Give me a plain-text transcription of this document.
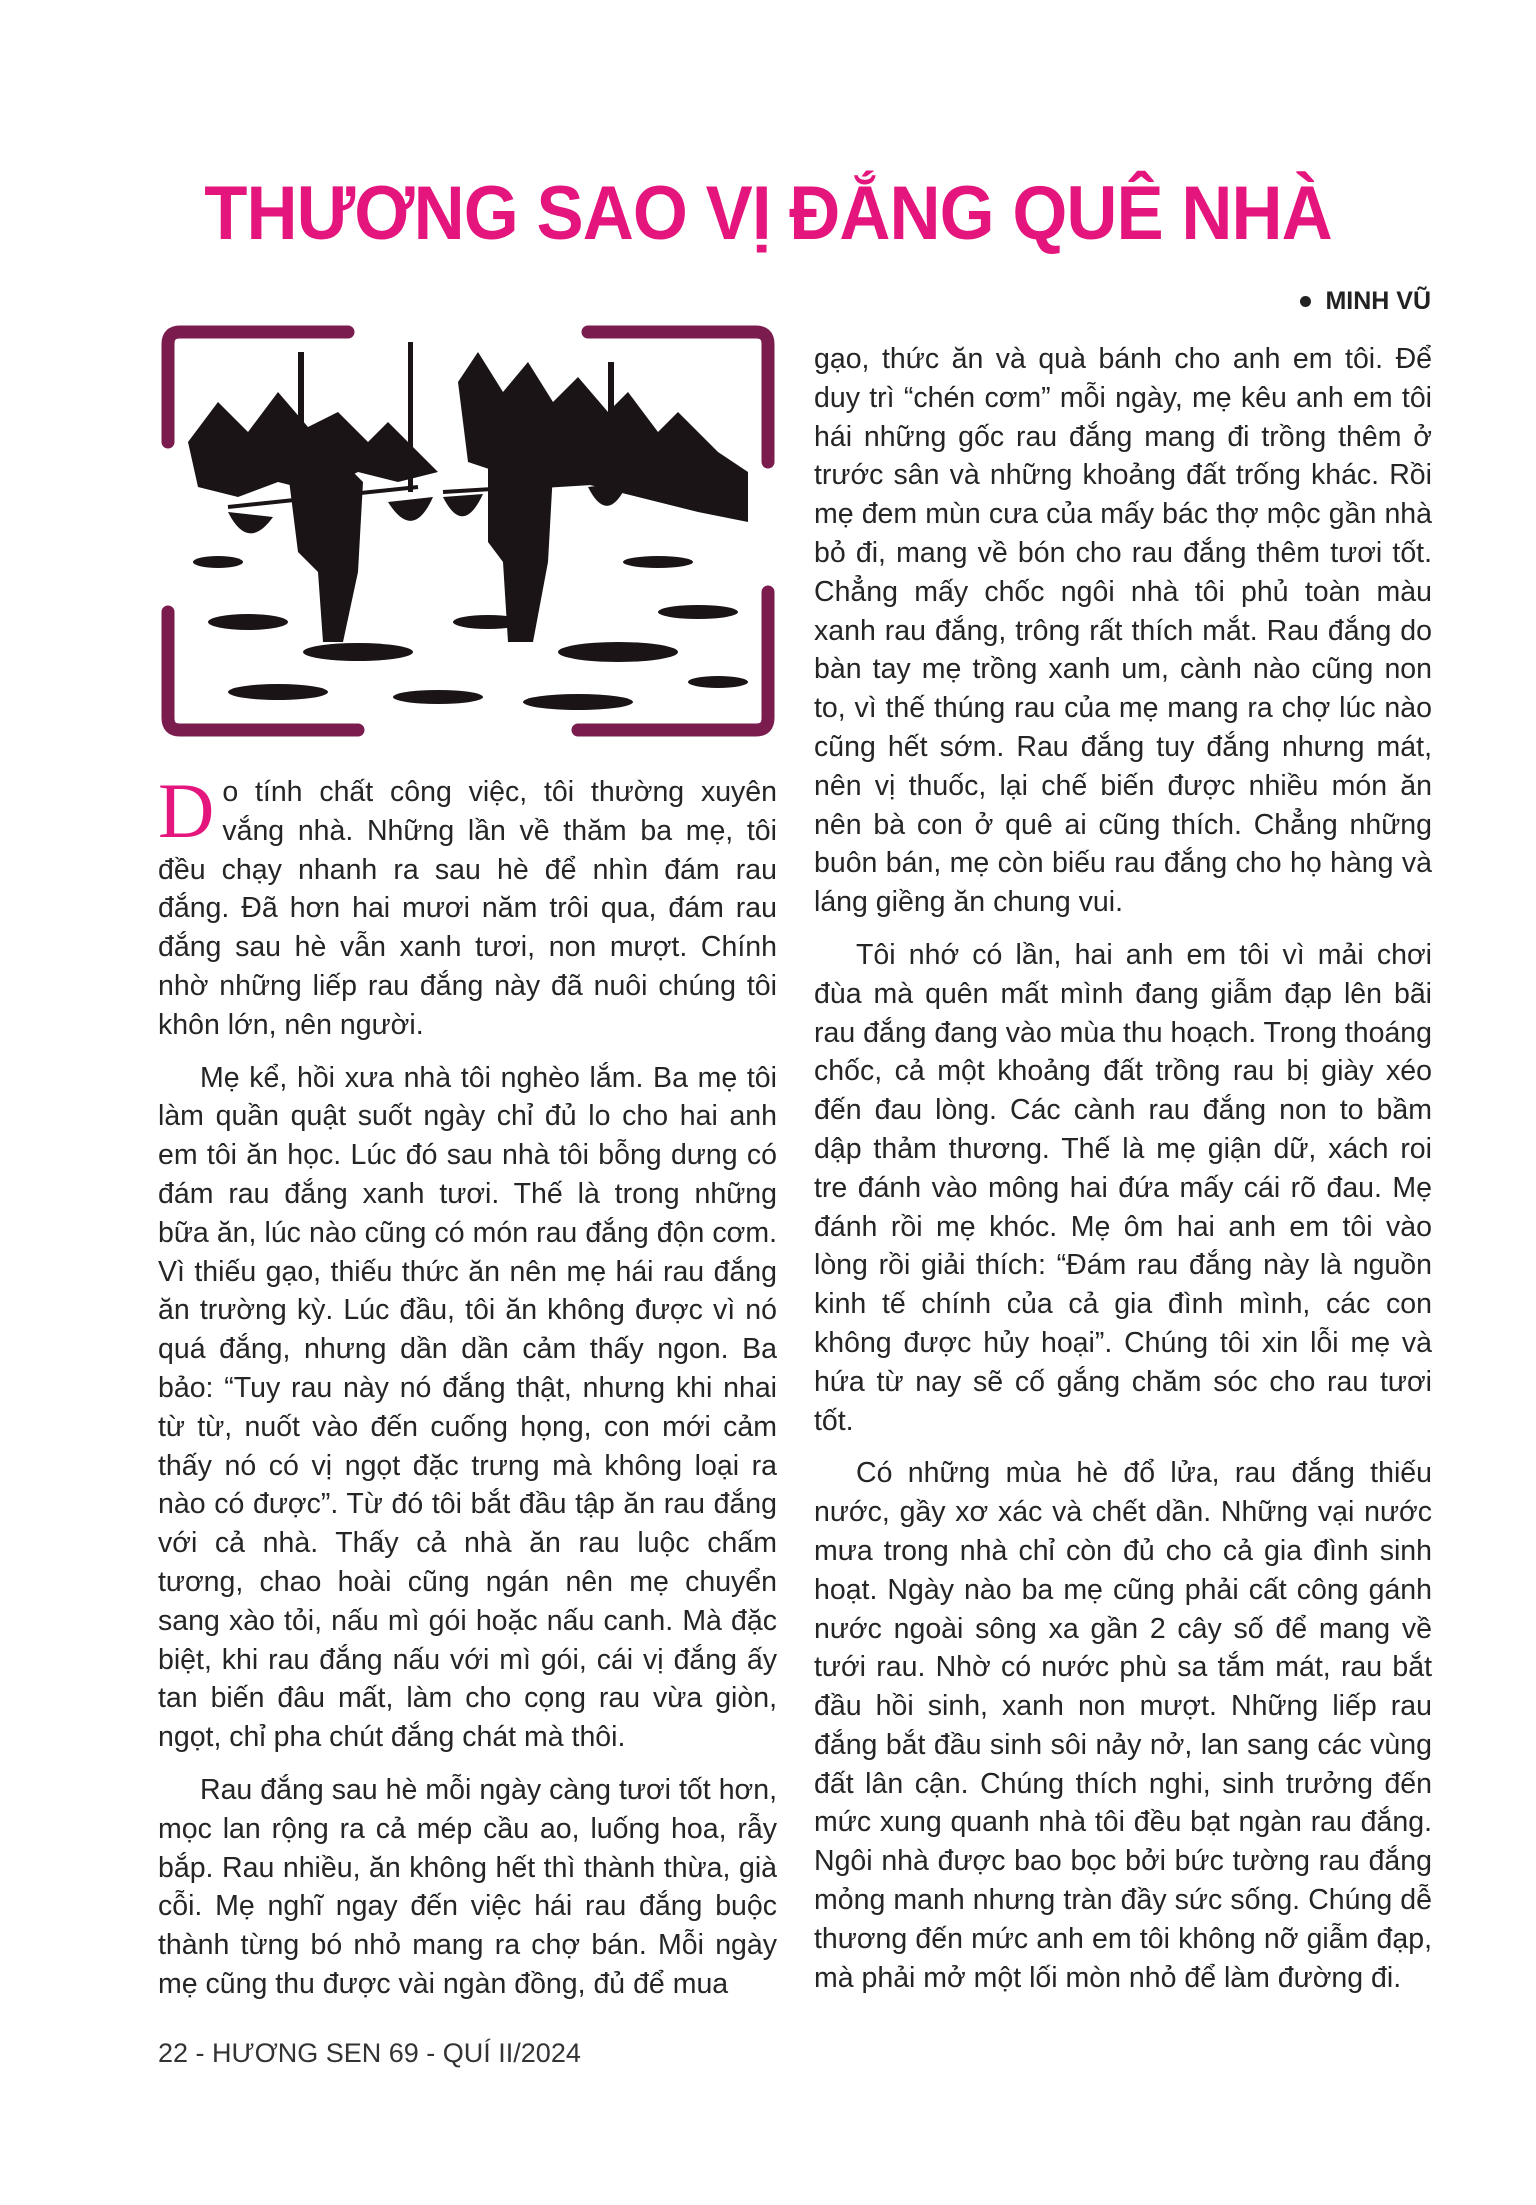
THƯƠNG SAO VỊ ĐẮNG QUÊ NHÀ
MINH VŨ

Do tính chất công việc, tôi thường xuyên vắng nhà. Những lần về thăm ba mẹ, tôi đều chạy nhanh ra sau hè để nhìn đám rau đắng. Đã hơn hai mươi năm trôi qua, đám rau đắng sau hè vẫn xanh tươi, non mượt. Chính nhờ những liếp rau đắng này đã nuôi chúng tôi khôn lớn, nên người.

Mẹ kể, hồi xưa nhà tôi nghèo lắm. Ba mẹ tôi làm quần quật suốt ngày chỉ đủ lo cho hai anh em tôi ăn học. Lúc đó sau nhà tôi bỗng dưng có đám rau đắng xanh tươi. Thế là trong những bữa ăn, lúc nào cũng có món rau đắng độn cơm. Vì thiếu gạo, thiếu thức ăn nên mẹ hái rau đắng ăn trường kỳ. Lúc đầu, tôi ăn không được vì nó quá đắng, nhưng dần dần cảm thấy ngon. Ba bảo: “Tuy rau này nó đắng thật, nhưng khi nhai từ từ, nuốt vào đến cuống họng, con mới cảm thấy nó có vị ngọt đặc trưng mà không loại ra nào có được”. Từ đó tôi bắt đầu tập ăn rau đắng với cả nhà. Thấy cả nhà ăn rau luộc chấm tương, chao hoài cũng ngán nên mẹ chuyển sang xào tỏi, nấu mì gói hoặc nấu canh. Mà đặc biệt, khi rau đắng nấu với mì gói, cái vị đắng ấy tan biến đâu mất, làm cho cọng rau vừa giòn, ngọt, chỉ pha chút đắng chát mà thôi.

Rau đắng sau hè mỗi ngày càng tươi tốt hơn, mọc lan rộng ra cả mép cầu ao, luống hoa, rẫy bắp. Rau nhiều, ăn không hết thì thành thừa, già cỗi. Mẹ nghĩ ngay đến việc hái rau đắng buộc thành từng bó nhỏ mang ra chợ bán. Mỗi ngày mẹ cũng thu được vài ngàn đồng, đủ để mua

gạo, thức ăn và quà bánh cho anh em tôi. Để duy trì “chén cơm” mỗi ngày, mẹ kêu anh em tôi hái những gốc rau đắng mang đi trồng thêm ở trước sân và những khoảng đất trống khác. Rồi mẹ đem mùn cưa của mấy bác thợ mộc gần nhà bỏ đi, mang về bón cho rau đắng thêm tươi tốt. Chẳng mấy chốc ngôi nhà tôi phủ toàn màu xanh rau đắng, trông rất thích mắt. Rau đắng do bàn tay mẹ trồng xanh um, cành nào cũng non to, vì thế thúng rau của mẹ mang ra chợ lúc nào cũng hết sớm. Rau đắng tuy đắng nhưng mát, nên vị thuốc, lại chế biến được nhiều món ăn nên bà con ở quê ai cũng thích. Chẳng những buôn bán, mẹ còn biếu rau đắng cho họ hàng và láng giềng ăn chung vui.

Tôi nhớ có lần, hai anh em tôi vì mải chơi đùa mà quên mất mình đang giẫm đạp lên bãi rau đắng đang vào mùa thu hoạch. Trong thoáng chốc, cả một khoảng đất trồng rau bị giày xéo đến đau lòng. Các cành rau đắng non to bầm dập thảm thương. Thế là mẹ giận dữ, xách roi tre đánh vào mông hai đứa mấy cái rõ đau. Mẹ đánh rồi mẹ khóc. Mẹ ôm hai anh em tôi vào lòng rồi giải thích: “Đám rau đắng này là nguồn kinh tế chính của cả gia đình mình, các con không được hủy hoại”. Chúng tôi xin lỗi mẹ và hứa từ nay sẽ cố gắng chăm sóc cho rau tươi tốt.

Có những mùa hè đổ lửa, rau đắng thiếu nước, gầy xơ xác và chết dần. Những vại nước mưa trong nhà chỉ còn đủ cho cả gia đình sinh hoạt. Ngày nào ba mẹ cũng phải cất công gánh nước ngoài sông xa gần 2 cây số để mang về tưới rau. Nhờ có nước phù sa tắm mát, rau bắt đầu hồi sinh, xanh non mượt. Những liếp rau đắng bắt đầu sinh sôi nảy nở, lan sang các vùng đất lân cận. Chúng thích nghi, sinh trưởng đến mức xung quanh nhà tôi đều bạt ngàn rau đắng. Ngôi nhà được bao bọc bởi bức tường rau đắng mỏng manh nhưng tràn đầy sức sống. Chúng dễ thương đến mức anh em tôi không nỡ giẫm đạp, mà phải mở một lối mòn nhỏ để làm đường đi.

22 - HƯƠNG SEN 69 - QUÍ II/2024
